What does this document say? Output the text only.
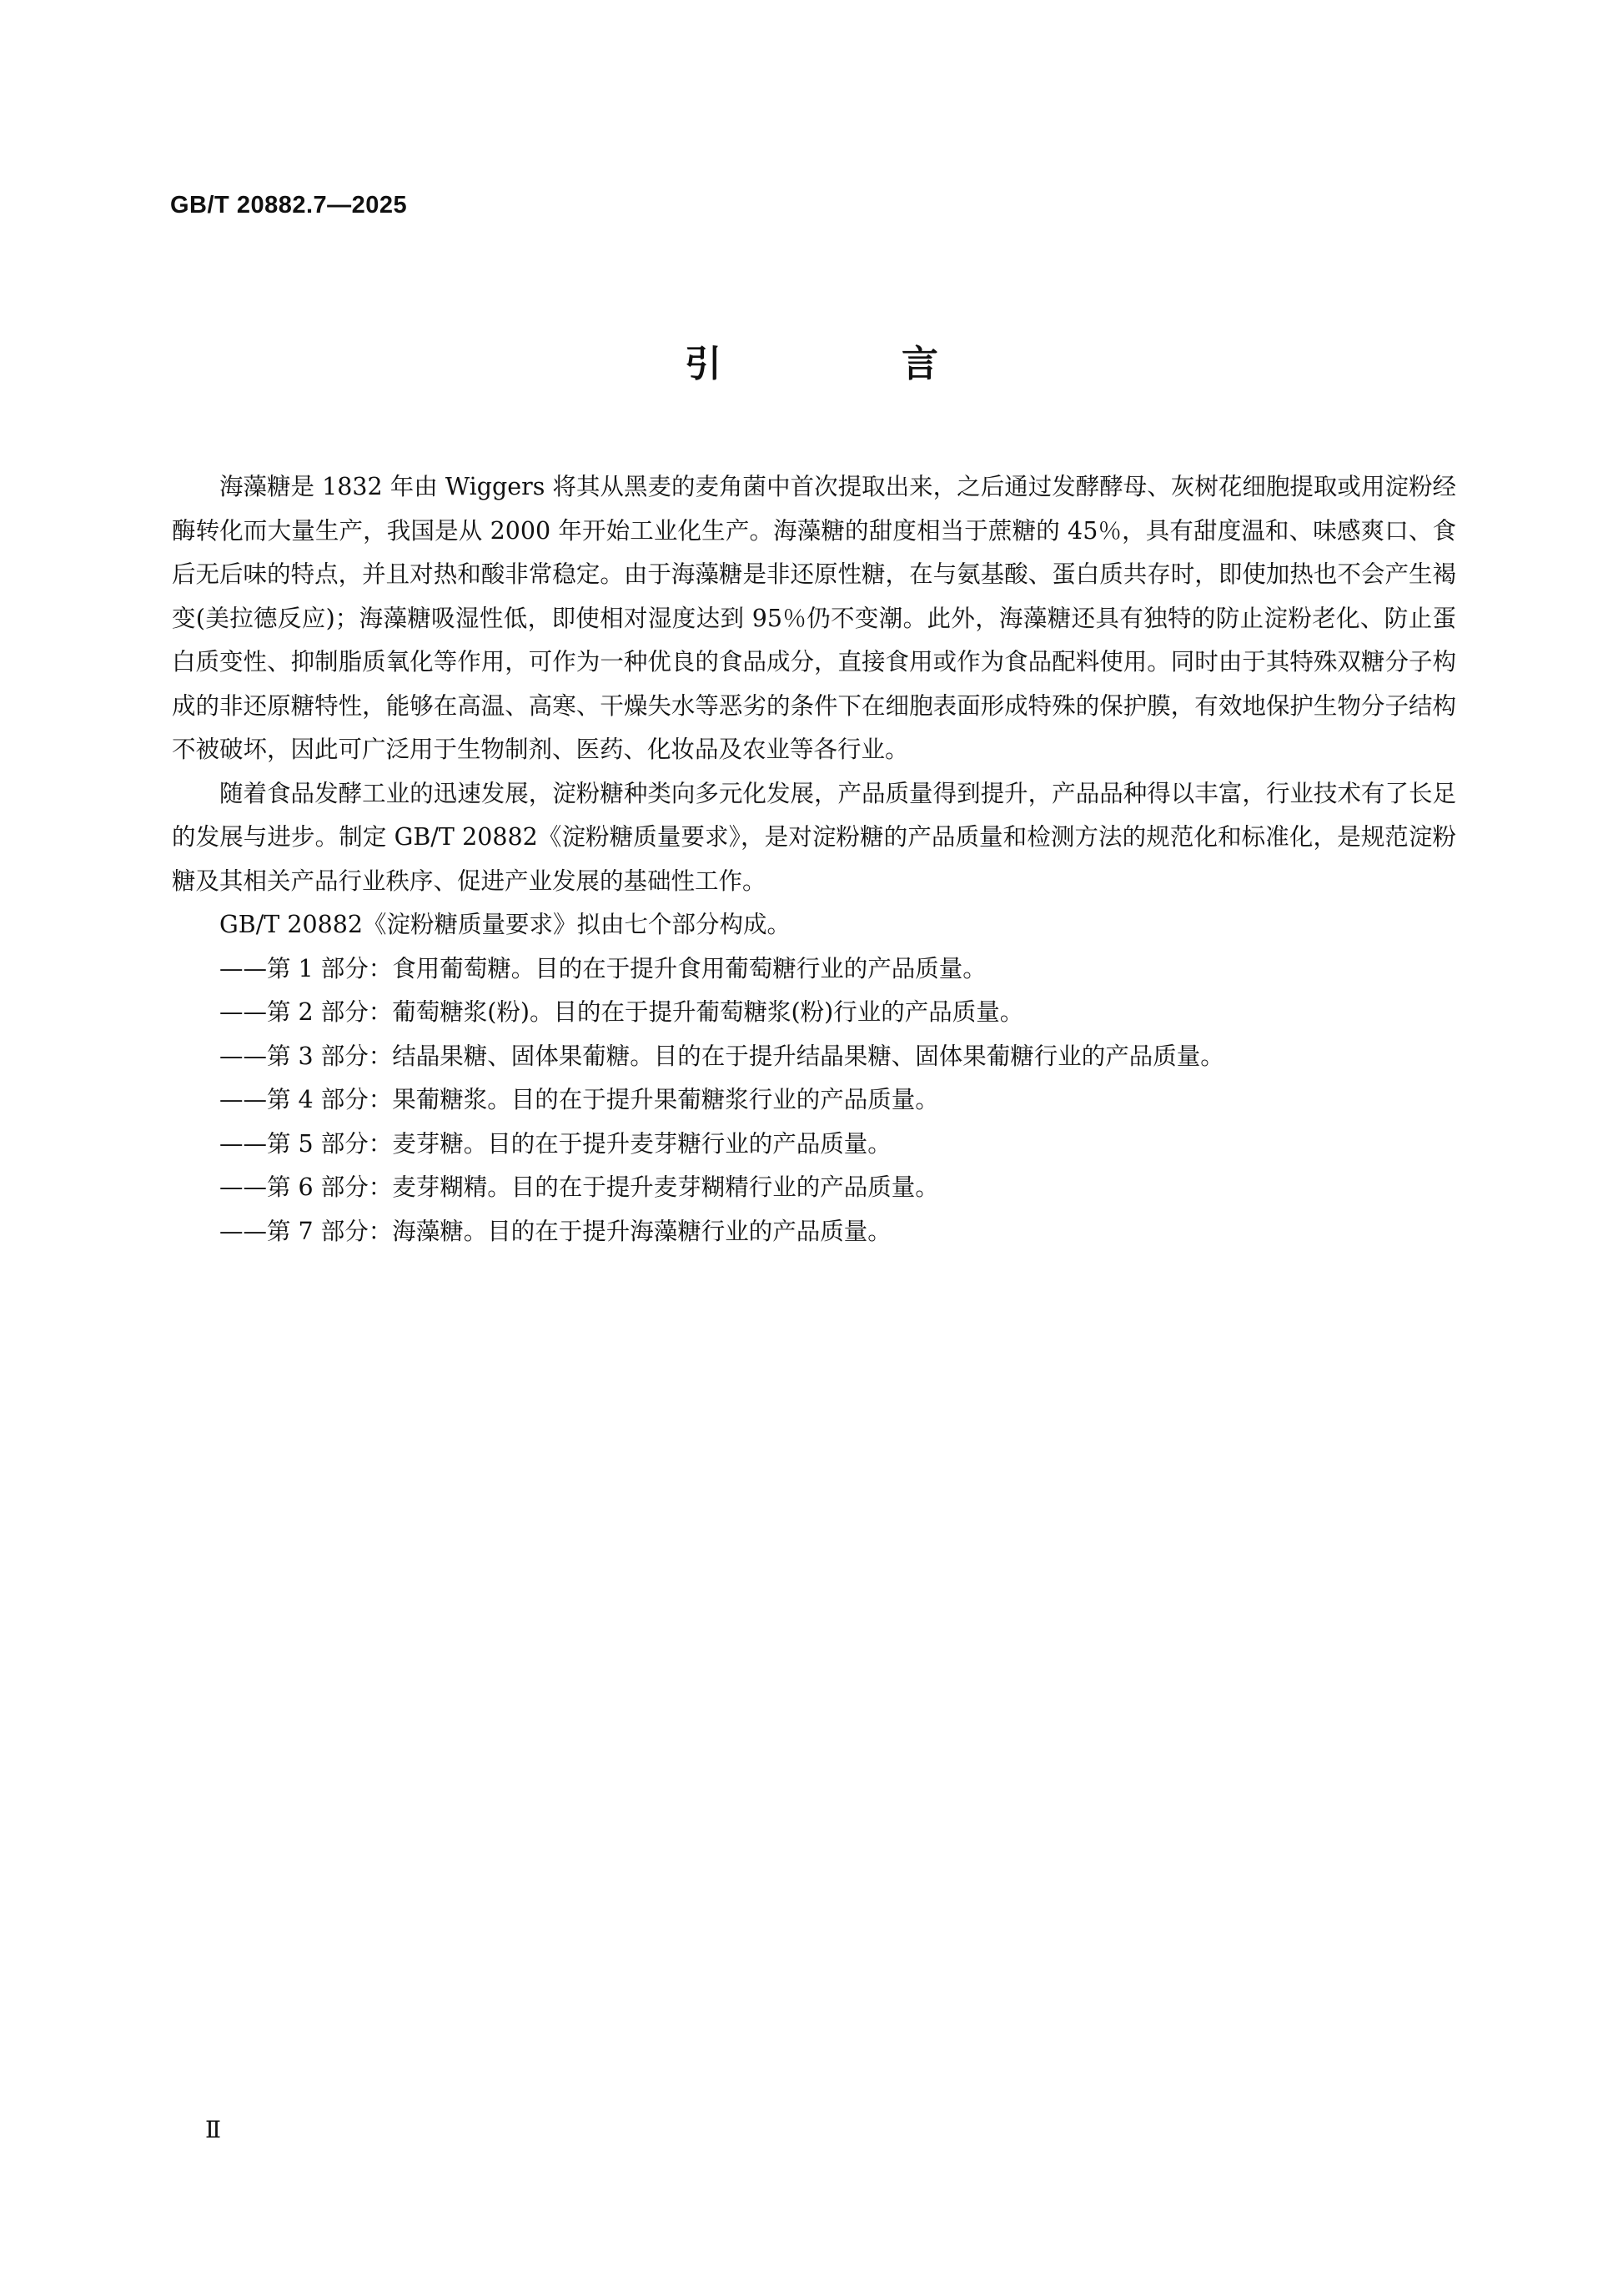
GB/T 20882.7—2025
引　言

海藻糖是 1832 年由 Wiggers 将其从黑麦的麦角菌中首次提取出来，之后通过发酵酵母、灰树花细胞提取或用淀粉经酶转化而大量生产，我国是从 2000 年开始工业化生产。海藻糖的甜度相当于蔗糖的 45％，具有甜度温和、味感爽口、食后无后味的特点，并且对热和酸非常稳定。由于海藻糖是非还原性糖，在与氨基酸、蛋白质共存时，即使加热也不会产生褐变(美拉德反应)；海藻糖吸湿性低，即使相对湿度达到 95％仍不变潮。此外，海藻糖还具有独特的防止淀粉老化、防止蛋白质变性、抑制脂质氧化等作用，可作为一种优良的食品成分，直接食用或作为食品配料使用。同时由于其特殊双糖分子构成的非还原糖特性，能够在高温、高寒、干燥失水等恶劣的条件下在细胞表面形成特殊的保护膜，有效地保护生物分子结构不被破坏，因此可广泛用于生物制剂、医药、化妆品及农业等各行业。

随着食品发酵工业的迅速发展，淀粉糖种类向多元化发展，产品质量得到提升，产品品种得以丰富，行业技术有了长足的发展与进步。制定 GB/T 20882《淀粉糖质量要求》，是对淀粉糖的产品质量和检测方法的规范化和标准化，是规范淀粉糖及其相关产品行业秩序、促进产业发展的基础性工作。

GB/T 20882《淀粉糖质量要求》拟由七个部分构成。

——第 1 部分：食用葡萄糖。目的在于提升食用葡萄糖行业的产品质量。

——第 2 部分：葡萄糖浆(粉)。目的在于提升葡萄糖浆(粉)行业的产品质量。

——第 3 部分：结晶果糖、固体果葡糖。目的在于提升结晶果糖、固体果葡糖行业的产品质量。

——第 4 部分：果葡糖浆。目的在于提升果葡糖浆行业的产品质量。

——第 5 部分：麦芽糖。目的在于提升麦芽糖行业的产品质量。

——第 6 部分：麦芽糊精。目的在于提升麦芽糊精行业的产品质量。

——第 7 部分：海藻糖。目的在于提升海藻糖行业的产品质量。

Ⅱ
